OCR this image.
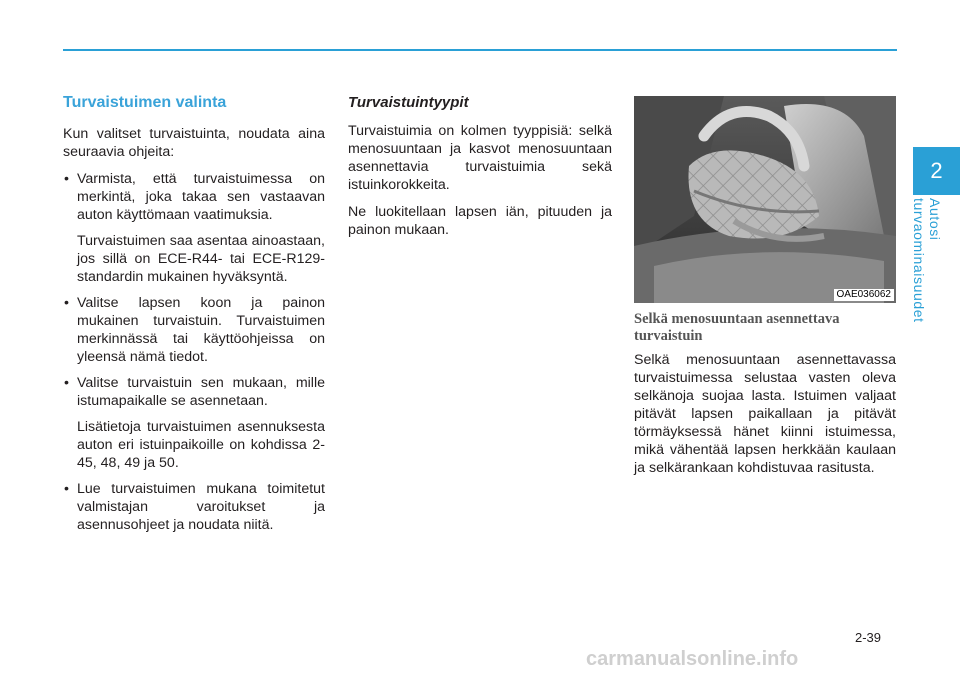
2
Autosi turvaominaisuudet
Turvaistuimen valinta

Kun valitset turvaistuinta, noudata aina seuraavia ohjeita:

• Varmista, että turvaistuimessa on merkintä, joka takaa sen vastaavan auton käyttömaan vaatimuksia.

Turvaistuimen saa asentaa ainoastaan, jos sillä on ECE-R44- tai ECE-R129-standardin mukainen hyväksyntä.

• Valitse lapsen koon ja painon mukainen turvaistuin. Turvaistuimen merkinnässä tai käyttöohjeissa on yleensä nämä tiedot.
• Valitse turvaistuin sen mukaan, mille istumapaikalle se asennetaan.

Lisätietoja turvaistuimen asennuksesta auton eri istuinpaikoille on kohdissa 2-45, 48, 49 ja 50.

• Lue turvaistuimen mukana toimitetut valmistajan varoitukset ja asennusohjeet ja noudata niitä.
Turvaistuintyypit

Turvaistuimia on kolmen tyyppisiä: selkä menosuuntaan ja kasvot menosuuntaan asennettavia turvaistuimia sekä istuinkorokkeita.

Ne luokitellaan lapsen iän, pituuden ja painon mukaan.

OAE036062
Selkä menosuuntaan asennettava turvaistuin

Selkä menosuuntaan asennettavassa turvaistuimessa selustaa vasten oleva selkänoja suojaa lasta. Istuimen valjaat pitävät lapsen paikallaan ja pitävät törmäyksessä hänet kiinni istuimessa, mikä vähentää lapsen herkkään kaulaan ja selkärankaan kohdistuvaa rasitusta.

2-39
carmanualsonline.info
